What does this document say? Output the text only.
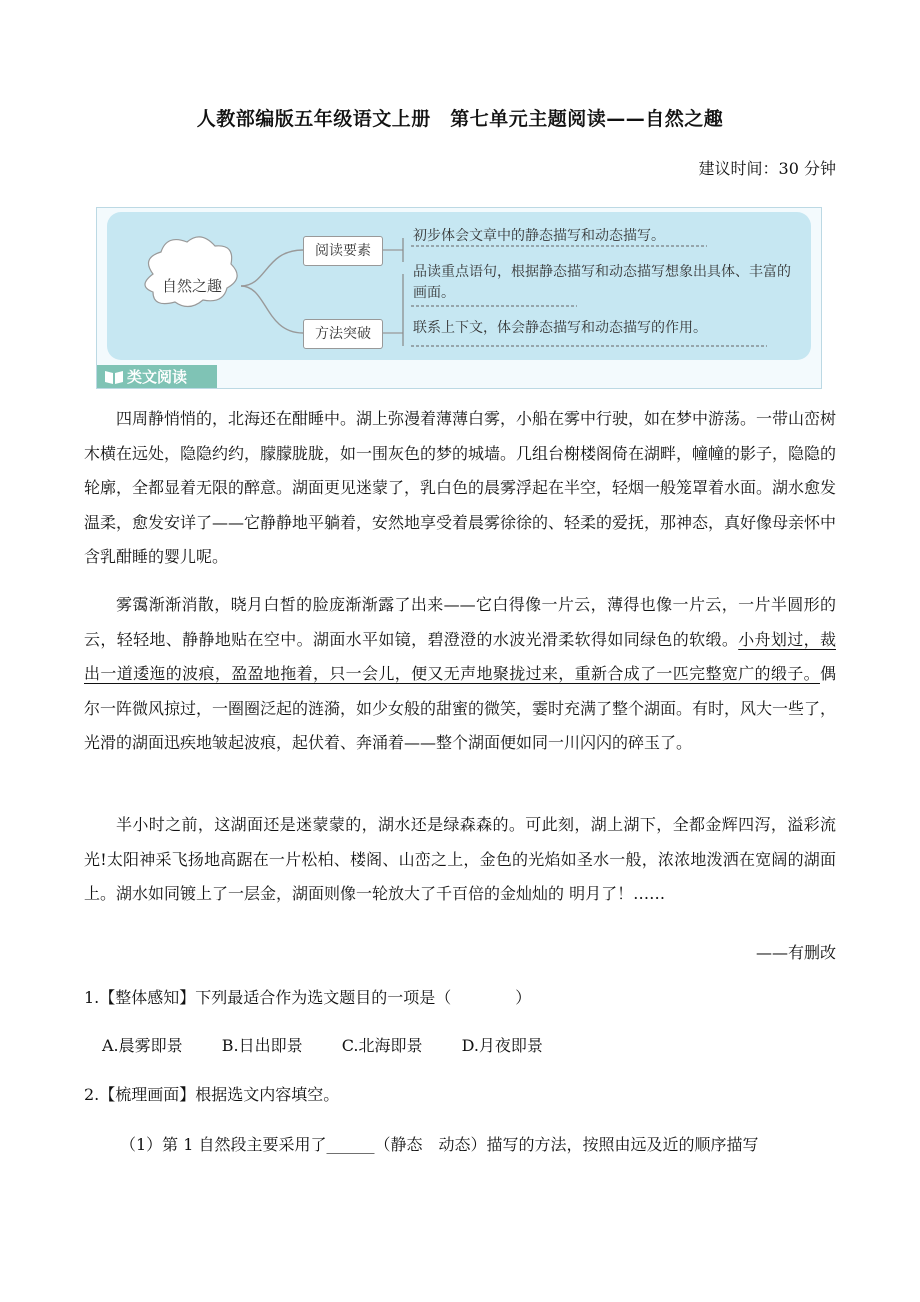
人教部编版五年级语文上册　第七单元主题阅读——自然之趣
建议时间：30 分钟
自然之趣
阅读要素
方法突破
初步体会文章中的静态描写和动态描写。
品读重点语句，根据静态描写和动态描写想象出具体、丰富的画面。
联系上下文，体会静态描写和动态描写的作用。
类文阅读
四周静悄悄的，北海还在酣睡中。湖上弥漫着薄薄白雾，小船在雾中行驶，如在梦中游荡。一带山峦树木横在远处，隐隐约约，朦朦胧胧，如一围灰色的梦的城墙。几组台榭楼阁倚在湖畔，幢幢的影子，隐隐的轮廓，全都显着无限的醉意。湖面更见迷蒙了，乳白色的晨雾浮起在半空，轻烟一般笼罩着水面。湖水愈发温柔，愈发安详了——它静静地平躺着，安然地享受着晨雾徐徐的、轻柔的爱抚，那神态，真好像母亲怀中含乳酣睡的婴儿呢。
雾霭渐渐消散，晓月白皙的脸庞渐渐露了出来——它白得像一片云，薄得也像一片云，一片半圆形的云，轻轻地、静静地贴在空中。湖面水平如镜，碧澄澄的水波光滑柔软得如同绿色的软缎。小舟划过，裁出一道逶迤的波痕，盈盈地拖着，只一会儿，便又无声地聚拢过来，重新合成了一匹完整宽广的缎子。偶尔一阵微风掠过，一圈圈泛起的涟漪，如少女般的甜蜜的微笑，霎时充满了整个湖面。有时，风大一些了，光滑的湖面迅疾地皱起波痕，起伏着、奔涌着——整个湖面便如同一川闪闪的碎玉了。
半小时之前，这湖面还是迷蒙蒙的，湖水还是绿森森的。可此刻，湖上湖下，全都金辉四泻，溢彩流光!太阳神采飞扬地高踞在一片松柏、楼阁、山峦之上，金色的光焰如圣水一般，浓浓地泼洒在宽阔的湖面上。湖水如同镀上了一层金，湖面则像一轮放大了千百倍的金灿灿的 明月了！……
——有删改
1.【整体感知】下列最适合作为选文题目的一项是（　　　　）
A.晨雾即景 B.日出即景 C.北海即景 D.月夜即景
2.【梳理画面】根据选文内容填空。
（1）第 1 自然段主要采用了______（静态　动态）描写的方法，按照由远及近的顺序描写
